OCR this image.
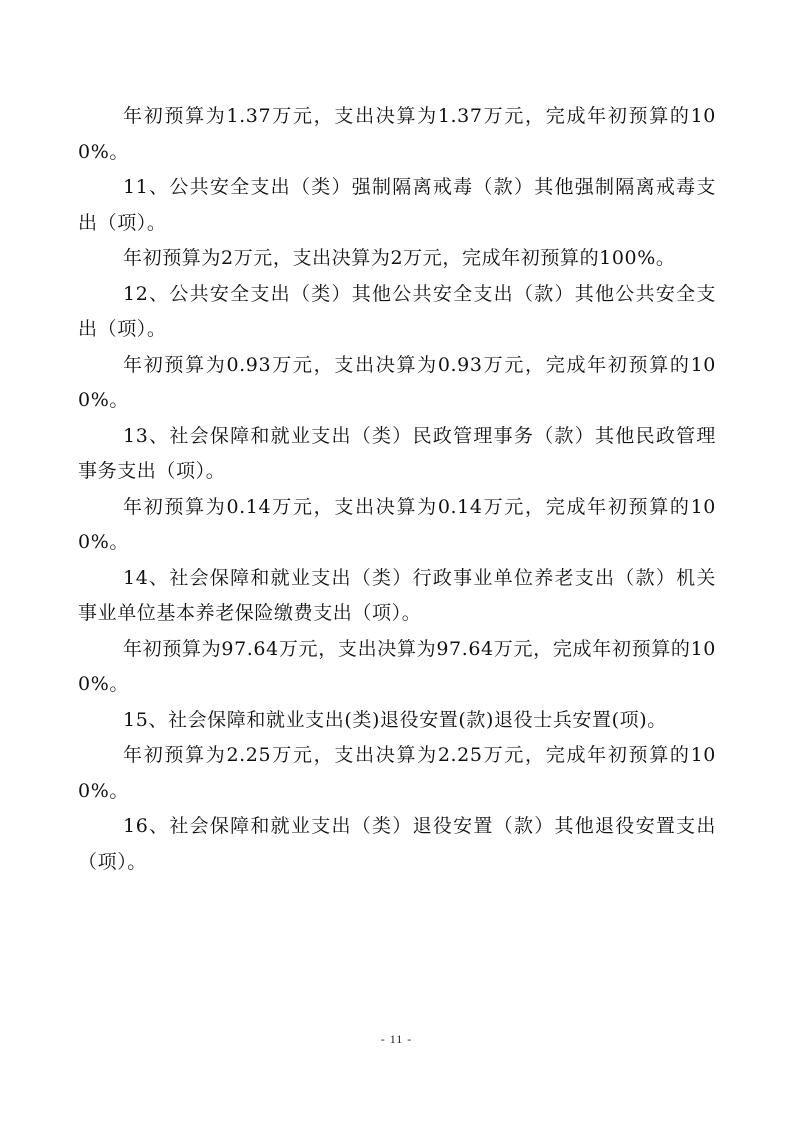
年初预算为1.37万元，支出决算为1.37万元，完成年初预算的100%。

11、公共安全支出（类）强制隔离戒毒（款）其他强制隔离戒毒支出（项）。

年初预算为2万元，支出决算为2万元，完成年初预算的100%。

12、公共安全支出（类）其他公共安全支出（款）其他公共安全支出（项）。

年初预算为0.93万元，支出决算为0.93万元，完成年初预算的100%。

13、社会保障和就业支出（类）民政管理事务（款）其他民政管理事务支出（项）。

年初预算为0.14万元，支出决算为0.14万元，完成年初预算的100%。

14、社会保障和就业支出（类）行政事业单位养老支出（款）机关事业单位基本养老保险缴费支出（项）。

年初预算为97.64万元，支出决算为97.64万元，完成年初预算的100%。

15、社会保障和就业支出(类)退役安置(款)退役士兵安置(项)。

年初预算为2.25万元，支出决算为2.25万元，完成年初预算的100%。

16、社会保障和就业支出（类）退役安置（款）其他退役安置支出（项）。

- 11 -
